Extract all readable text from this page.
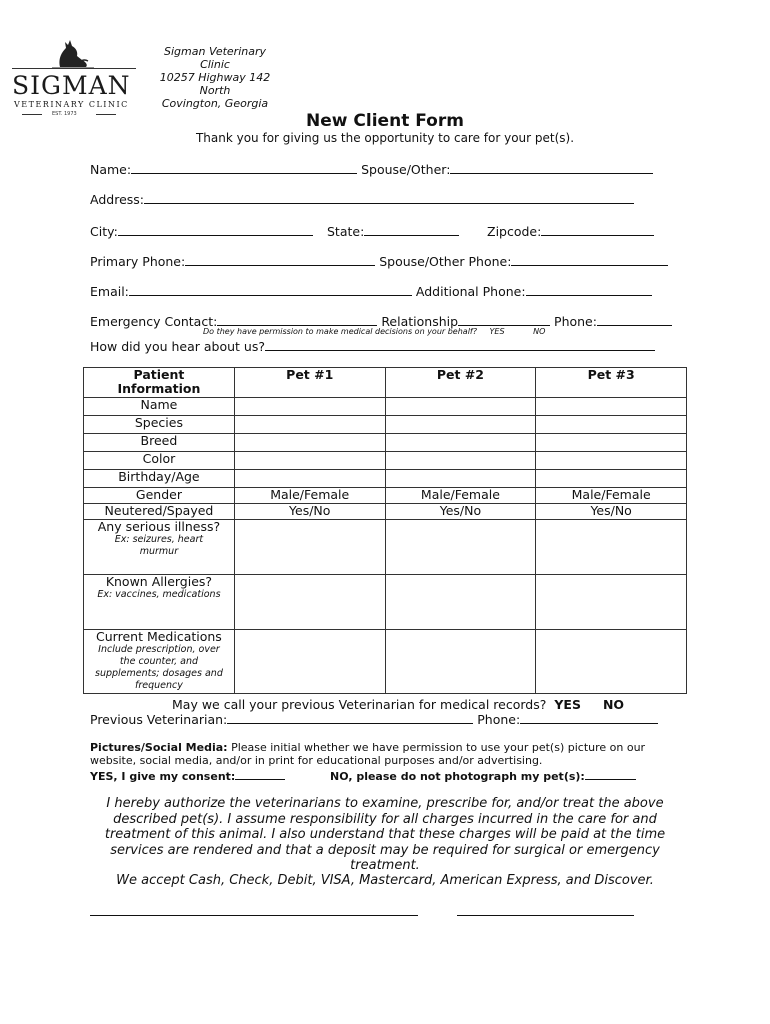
SIGMAN
VETERINARY CLINIC
EST. 1973
Sigman Veterinary
Clinic
10257 Highway 142
North
Covington, Georgia
New Client Form
Thank you for giving us the opportunity to care for your pet(s).
Name:	Spouse/Other:
Address:
City:	State:	Zipcode:
Primary Phone:	Spouse/Other Phone:
Email:	Additional Phone:
Emergency Contact:	Relationship	Phone:
Do they have permission to make medical decisions on your behalf? YES	NO
How did you hear about us?
Patient Information	Pet #1	Pet #2	Pet #3
Name			
Species			
Breed			
Color			
Birthday/Age			
Gender	Male/Female	Male/Female	Male/Female
Neutered/Spayed	Yes/No	Yes/No	Yes/No
Any serious illness?
Ex: seizures, heart murmur			

Known Allergies?
Ex: vaccines, medications			

Current Medications
Include prescription, over the counter, and supplements; dosages and frequency			

May we call your previous Veterinarian for medical records? YES NO
Previous Veterinarian:	Phone:
Pictures/Social Media: Please initial whether we have permission to use your pet(s) picture on our website, social media, and/or in print for educational purposes and/or advertising.
YES, I give my consent:	NO, please do not photograph my pet(s):
I hereby authorize the veterinarians to examine, prescribe for, and/or treat the above described pet(s). I assume responsibility for all charges incurred in the care for and treatment of this animal. I also understand that these charges will be paid at the time services are rendered and that a deposit may be required for surgical or emergency treatment.
We accept Cash, Check, Debit, VISA, Mastercard, American Express, and Discover.
